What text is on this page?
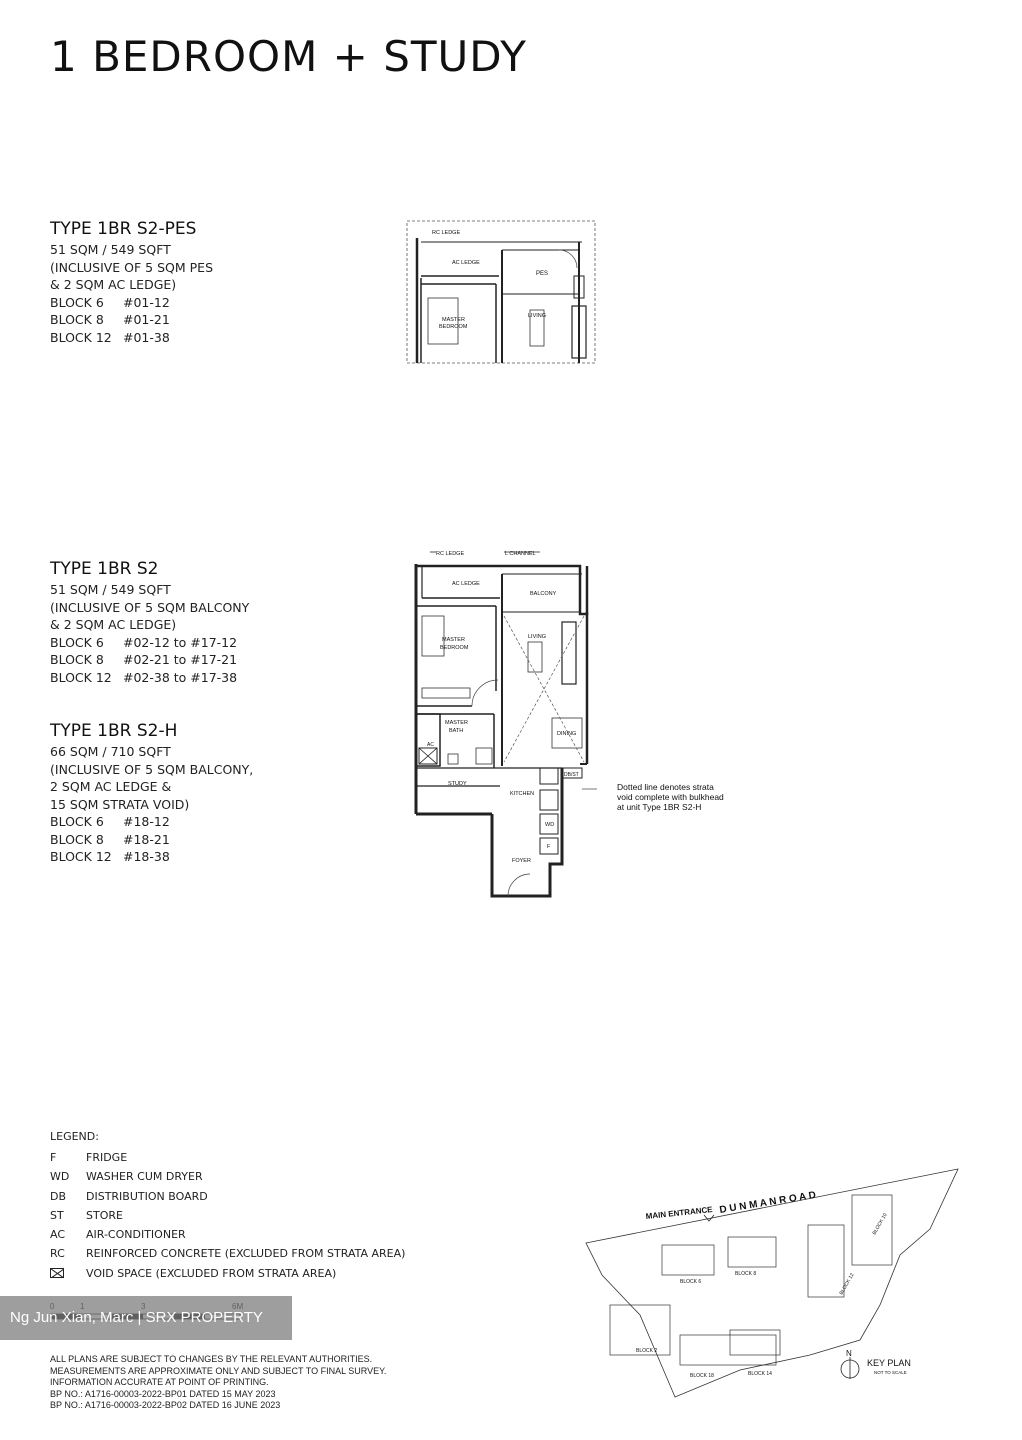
1 BEDROOM + STUDY
TYPE 1BR S2-PES
51 SQM / 549 SQFT
(INCLUSIVE OF 5 SQM PES
& 2 SQM AC LEDGE)
BLOCK 6	#01-12
BLOCK 8	#01-21
BLOCK 12 #01-38
TYPE 1BR S2
51 SQM / 549 SQFT
(INCLUSIVE OF 5 SQM BALCONY
& 2 SQM AC LEDGE)
BLOCK 6	#02-12 to #17-12
BLOCK 8	#02-21 to #17-21
BLOCK 12 #02-38 to #17-38
TYPE 1BR S2-H
66 SQM / 710 SQFT
(INCLUSIVE OF 5 SQM BALCONY,
2 SQM AC LEDGE &
15 SQM STRATA VOID)
BLOCK 6	#18-12
BLOCK 8	#18-21
BLOCK 12 #18-38
RC LEDGE
AC LEDGE
PES
MASTER
BEDROOM
LIVING
RC LEDGE	L CHANNEL
AC LEDGE
BALCONY
MASTER
BEDROOM
LIVING
MASTER
BATH	DINING
STUDY
KITCHEN
WD
F
FOYER
DB/ST
AC
Dotted line denotes strata
void complete with bulkhead
at unit Type 1BR S2-H
LEGEND:
F	FRIDGE
WD	WASHER CUM DRYER
DB	DISTRIBUTION BOARD
ST	STORE
AC	AIR-CONDITIONER
RC	REINFORCED CONCRETE (EXCLUDED FROM STRATA AREA)
VOID SPACE (EXCLUDED FROM STRATA AREA)
Ng Jun Xian, Marc | SRX PROPERTY
ALL PLANS ARE SUBJECT TO CHANGES BY THE RELEVANT AUTHORITIES.
MEASUREMENTS ARE APPROXIMATE ONLY AND SUBJECT TO FINAL SURVEY.
INFORMATION ACCURATE AT POINT OF PRINTING.
BP NO.: A1716-00003-2022-BP01 DATED 15 MAY 2023
BP NO.: A1716-00003-2022-BP02 DATED 16 JUNE 2023
D U N M A N R O A D
MAIN ENTRANCE
BLOCK 6
BLOCK 8
BLOCK 10
BLOCK 12
BLOCK 2
BLOCK 14
BLOCK 18
N
KEY PLAN
NOT TO SCALE
